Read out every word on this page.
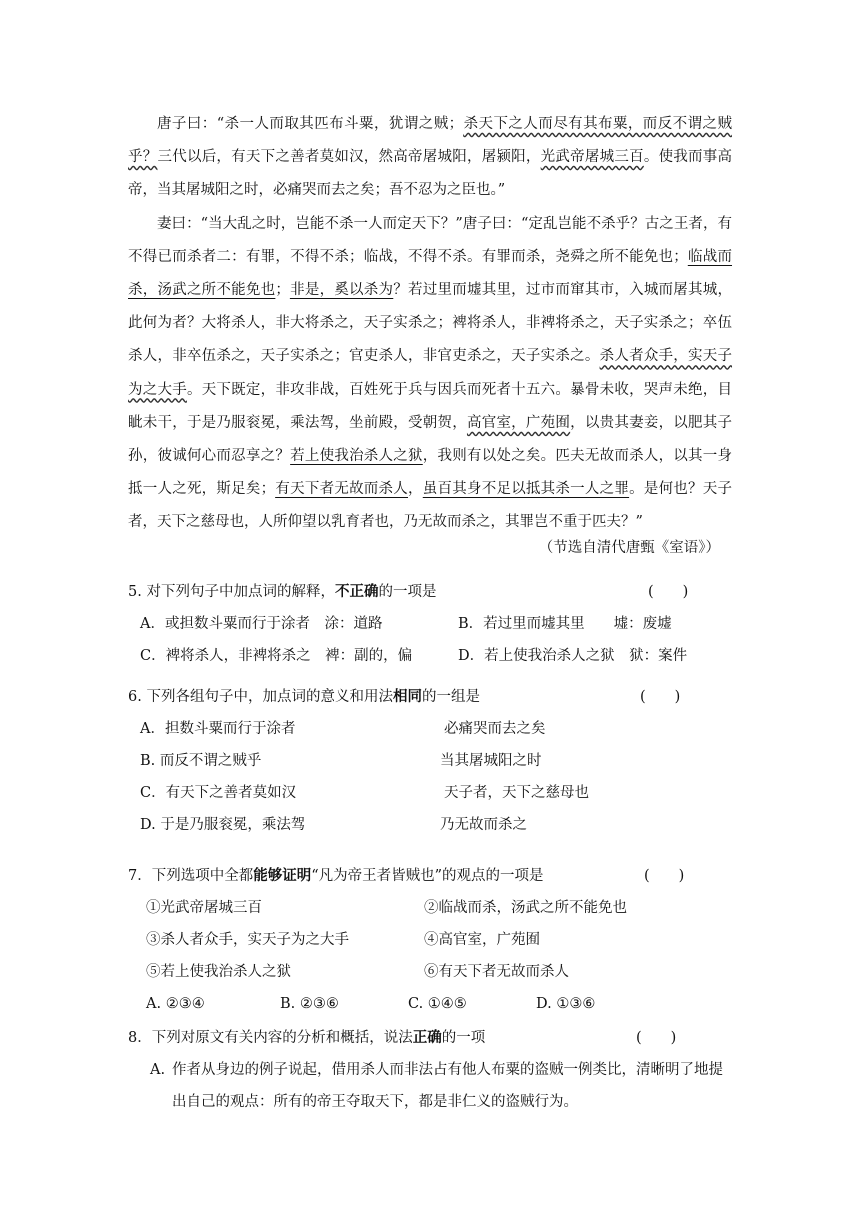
唐子曰：“杀一人而取其匹布斗粟，犹谓之贼；杀天下之人而尽有其布粟，而反不谓之贼乎？三代以后，有天下之善者莫如汉，然高帝屠城阳，屠颍阳，光武帝屠城三百。使我而事高帝，当其屠城阳之时，必痛哭而去之矣；吾不忍为之臣也。”

妻曰：“当大乱之时，岂能不杀一人而定天下？”唐子曰：“定乱岂能不杀乎？古之王者，有不得已而杀者二：有罪，不得不杀；临战，不得不杀。有罪而杀，尧舜之所不能免也；临战而杀，汤武之所不能免也；非是，奚以杀为？若过里而墟其里，过市而窜其市，入城而屠其城，此何为者？大将杀人，非大将杀之，天子实杀之；裨将杀人，非裨将杀之，天子实杀之；卒伍杀人，非卒伍杀之，天子实杀之；官吏杀人，非官吏杀之，天子实杀之。杀人者众手，实天子为之大手。天下既定，非攻非战，百姓死于兵与因兵而死者十五六。暴骨未收，哭声未绝，目眦未干，于是乃服衮冕，乘法驾，坐前殿，受朝贺，高官室，广苑囿，以贵其妻妾，以肥其子孙，彼诚何心而忍享之？若上使我治杀人之狱，我则有以处之矣。匹夫无故而杀人，以其一身抵一人之死，斯足矣；有天下者无故而杀人，虽百其身不足以抵其杀一人之罪。是何也？天子者，天下之慈母也，人所仰望以乳育者也，乃无故而杀之，其罪岂不重于匹夫？”

（节选自清代唐甄《室语》）
5. 对下列句子中加点词的解释，不正确的一项是	(　　)
A．或担数斗粟而行于涂者　涂：道路	B．若过里而墟其里　　墟：废墟
C．裨将杀人，非裨将杀之　裨：副的，偏	D．若上使我治杀人之狱　狱：案件
6. 下列各组句子中，加点词的意义和用法相同的一组是	(　　)
A．担数斗粟而行于涂者	必痛哭而去之矣
B. 而反不谓之贼乎	当其屠城阳之时
C．有天下之善者莫如汉	天子者，天下之慈母也
D. 于是乃服衮冕，乘法驾	乃无故而杀之
7．下列选项中全都能够证明“凡为帝王者皆贼也”的观点的一项是	(　　)
①光武帝屠城三百	②临战而杀，汤武之所不能免也
③杀人者众手，实天子为之大手	④高官室，广苑囿
⑤若上使我治杀人之狱	⑥有天下者无故而杀人
A. ②③④	B. ②③⑥	C. ①④⑤	D. ①③⑥
8．下列对原文有关内容的分析和概括，说法正确的一项	(　　)
A. 作者从身边的例子说起，借用杀人而非法占有他人布粟的盗贼一例类比，清晰明了地提出自己的观点：所有的帝王夺取天下，都是非仁义的盗贼行为。
